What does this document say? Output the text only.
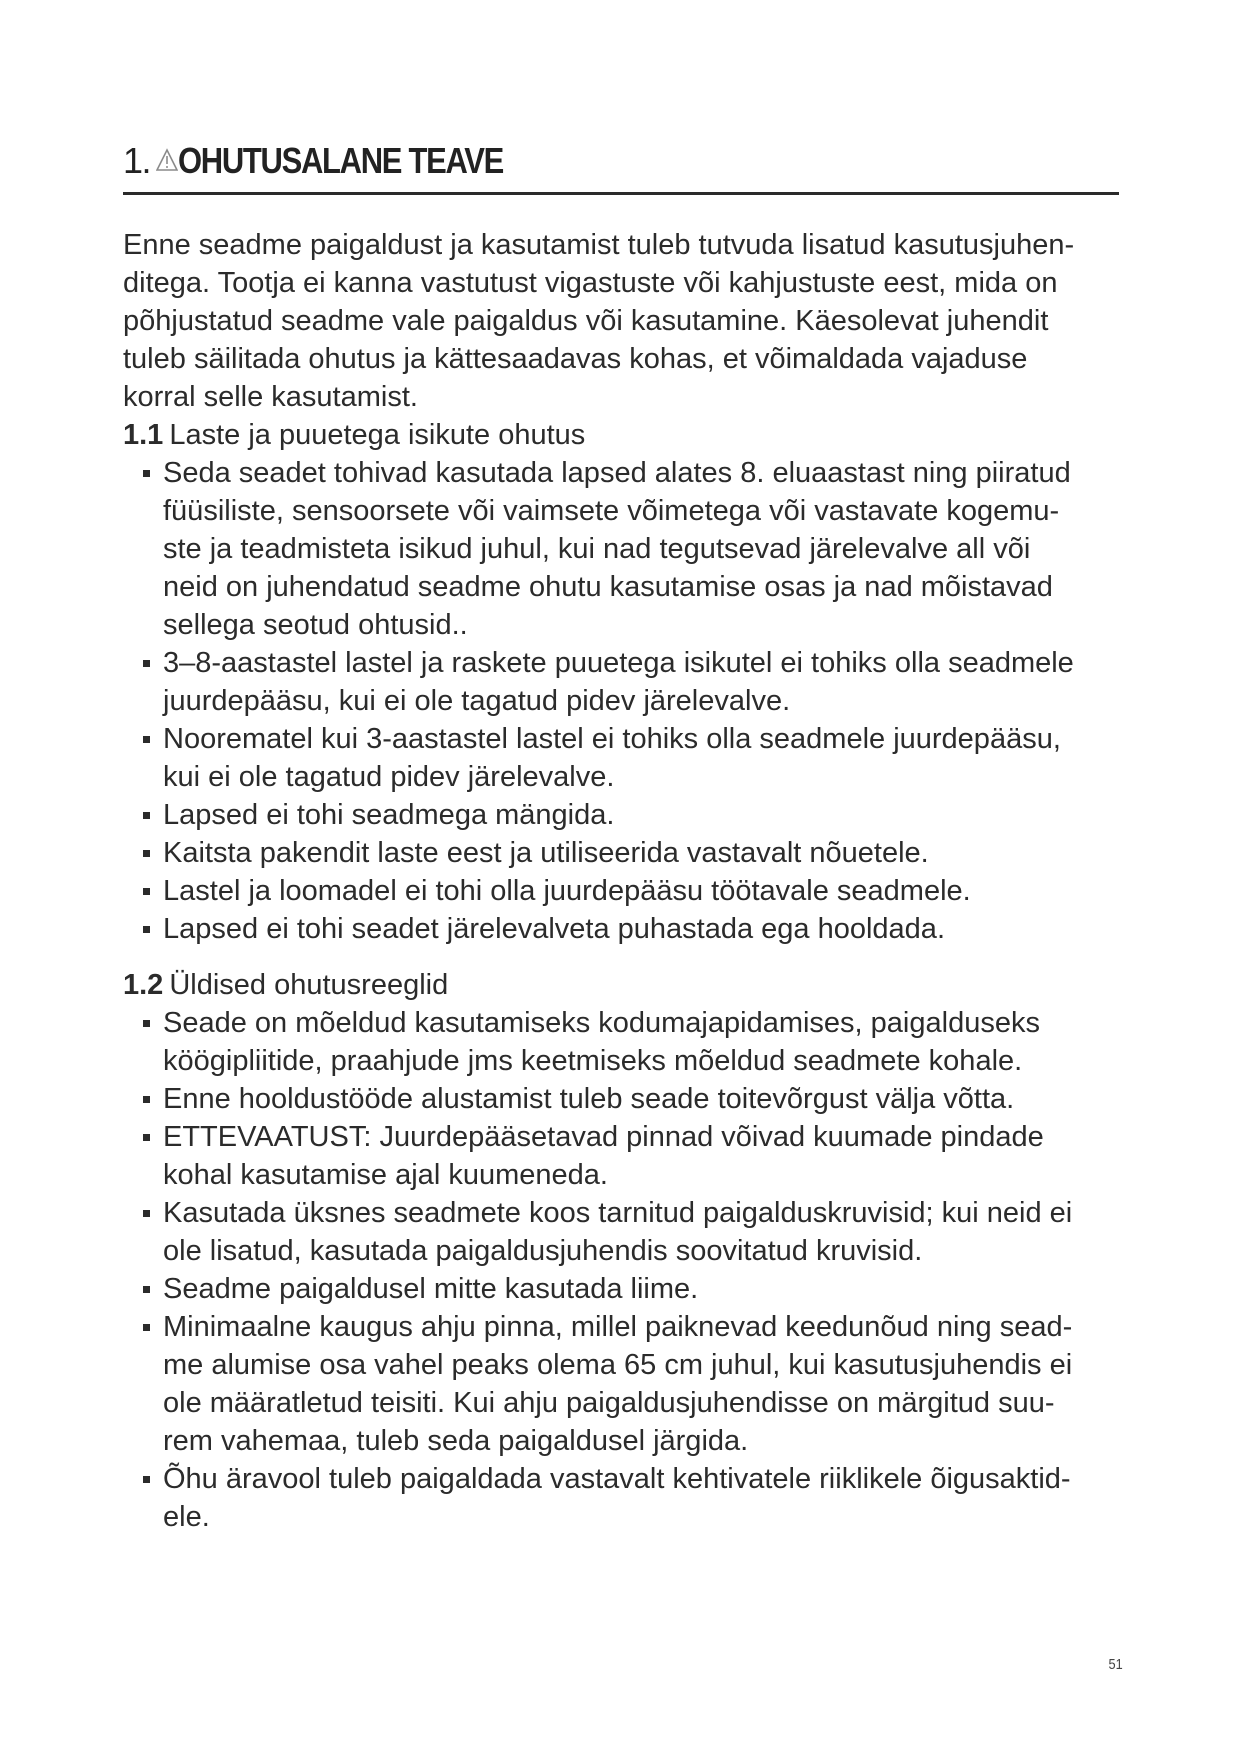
1. OHUTUSALANE TEAVE

Enne seadme paigaldust ja kasutamist tuleb tutvuda lisatud kasutusjuhen-
ditega. Tootja ei kanna vastutust vigastuste või kahjustuste eest, mida on
põhjustatud seadme vale paigaldus või kasutamine. Käesolevat juhendit
tuleb säilitada ohutus ja kättesaadavas kohas, et võimaldada vajaduse
korral selle kasutamist.

1.1 Laste ja puuetega isikute ohutus

Seda seadet tohivad kasutada lapsed alates 8. eluaastast ning piiratud
füüsiliste, sensoorsete või vaimsete võimetega või vastavate kogemu-
ste ja teadmisteta isikud juhul, kui nad tegutsevad järelevalve all või
neid on juhendatud seadme ohutu kasutamise osas ja nad mõistavad
sellega seotud ohtusid..
3–8-aastastel lastel ja raskete puuetega isikutel ei tohiks olla seadmele
juurdepääsu, kui ei ole tagatud pidev järelevalve.
Noorematel kui 3-aastastel lastel ei tohiks olla seadmele juurdepääsu,
kui ei ole tagatud pidev järelevalve.
Lapsed ei tohi seadmega mängida.
Kaitsta pakendit laste eest ja utiliseerida vastavalt nõuetele.
Lastel ja loomadel ei tohi olla juurdepääsu töötavale seadmele.
Lapsed ei tohi seadet järelevalveta puhastada ega hooldada.

1.2 Üldised ohutusreeglid

Seade on mõeldud kasutamiseks kodumajapidamises, paigalduseks
köögipliitide, praahjude jms keetmiseks mõeldud seadmete kohale.
Enne hooldustööde alustamist tuleb seade toitevõrgust välja võtta.
ETTEVAATUST: Juurdepääsetavad pinnad võivad kuumade pindade
kohal kasutamise ajal kuumeneda.
Kasutada üksnes seadmete koos tarnitud paigalduskruvisid; kui neid ei
ole lisatud, kasutada paigaldusjuhendis soovitatud kruvisid.
Seadme paigaldusel mitte kasutada liime.
Minimaalne kaugus ahju pinna, millel paiknevad keedunõud ning sead-
me alumise osa vahel peaks olema 65 cm juhul, kui kasutusjuhendis ei
ole määratletud teisiti. Kui ahju paigaldusjuhendisse on märgitud suu-
rem vahemaa, tuleb seda paigaldusel järgida.
Õhu äravool tuleb paigaldada vastavalt kehtivatele riiklikele õigusaktid-
ele.
51
